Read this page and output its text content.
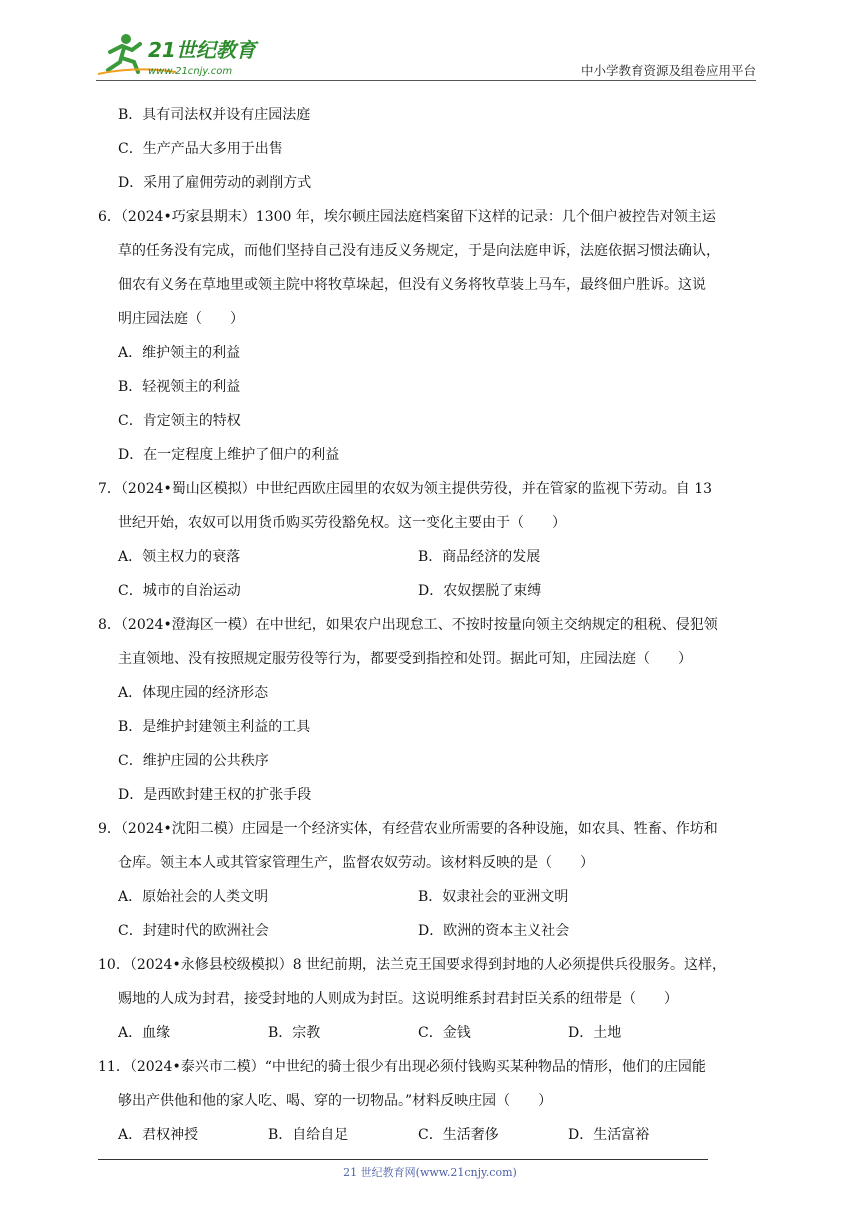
21世纪教育
www.21cnjy.com	中小学教育资源及组卷应用平台
B．具有司法权并设有庄园法庭
C．生产产品大多用于出售
D．采用了雇佣劳动的剥削方式
6．（2024•巧家县期末）1300 年，埃尔顿庄园法庭档案留下这样的记录：几个佃户被控告对领主运
草的任务没有完成，而他们坚持自己没有违反义务规定，于是向法庭申诉，法庭依据习惯法确认，
佃农有义务在草地里或领主院中将牧草垛起，但没有义务将牧草装上马车，最终佃户胜诉。这说
明庄园法庭（　　）
A．维护领主的利益
B．轻视领主的利益
C．肯定领主的特权
D．在一定程度上维护了佃户的利益
7．（2024•蜀山区模拟）中世纪西欧庄园里的农奴为领主提供劳役，并在管家的监视下劳动。自 13
世纪开始，农奴可以用货币购买劳役豁免权。这一变化主要由于（　　）
A．领主权力的衰落	B．商品经济的发展
C．城市的自治运动	D．农奴摆脱了束缚
8．（2024•澄海区一模）在中世纪，如果农户出现怠工、不按时按量向领主交纳规定的租税、侵犯领
主直领地、没有按照规定服劳役等行为，都要受到指控和处罚。据此可知，庄园法庭（　　）
A．体现庄园的经济形态
B．是维护封建领主利益的工具
C．维护庄园的公共秩序
D．是西欧封建王权的扩张手段
9．（2024•沈阳二模）庄园是一个经济实体，有经营农业所需要的各种设施，如农具、牲畜、作坊和
仓库。领主本人或其管家管理生产，监督农奴劳动。该材料反映的是（　　）
A．原始社会的人类文明	B．奴隶社会的亚洲文明
C．封建时代的欧洲社会	D．欧洲的资本主义社会
10．（2024•永修县校级模拟）8 世纪前期，法兰克王国要求得到封地的人必须提供兵役服务。这样，
赐地的人成为封君，接受封地的人则成为封臣。这说明维系封君封臣关系的纽带是（　　）
A．血缘	B．宗教	C．金钱	D．土地
11．（2024•泰兴市二模）“中世纪的骑士很少有出现必须付钱购买某种物品的情形，他们的庄园能
够出产供他和他的家人吃、喝、穿的一切物品。”材料反映庄园（　　）
A．君权神授	B．自给自足	C．生活奢侈	D．生活富裕
21 世纪教育网(www.21cnjy.com)
